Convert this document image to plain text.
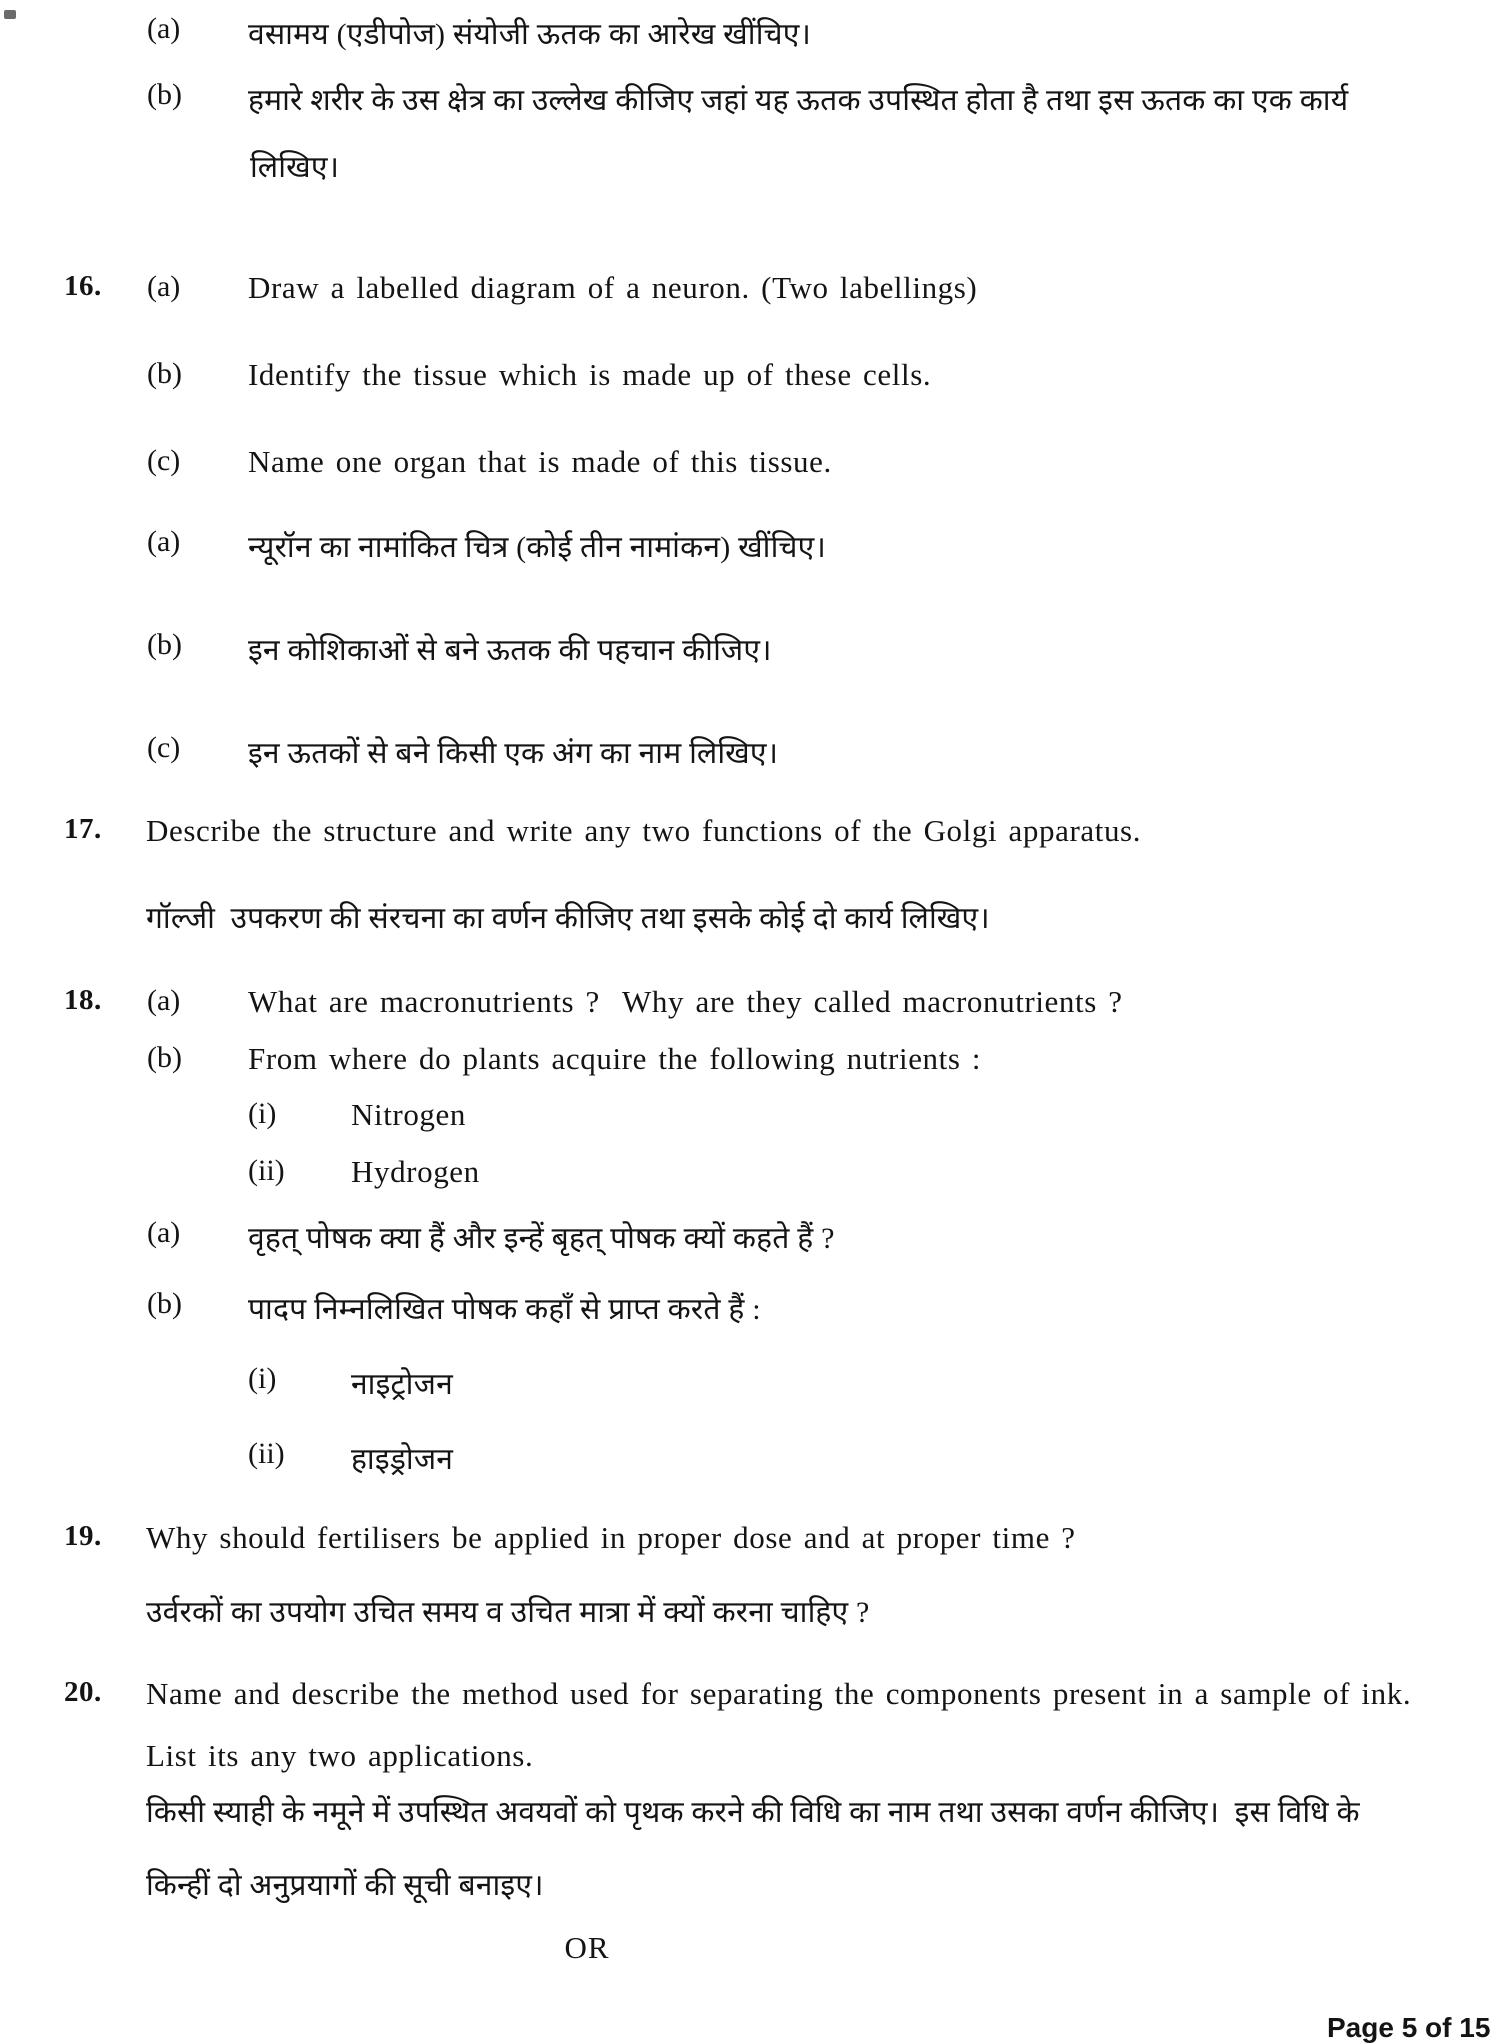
(a) वसामय (एडीपोज) संयोजी ऊतक का आरेख खींचिए।
(b) हमारे शरीर के उस क्षेत्र का उल्लेख कीजिए जहां यह ऊतक उपस्थित होता है तथा इस ऊतक का एक कार्य
लिखिए।
16. (a) Draw a labelled diagram of a neuron. (Two labellings)
(b) Identify the tissue which is made up of these cells.
(c) Name one organ that is made of this tissue.
(a) न्यूरॉन का नामांकित चित्र (कोई तीन नामांकन) खींचिए।
(b) इन कोशिकाओं से बने ऊतक की पहचान कीजिए।
(c) इन ऊतकों से बने किसी एक अंग का नाम लिखिए।
17. Describe the structure and write any two functions of the Golgi apparatus.
गॉल्जी  उपकरण की संरचना का वर्णन कीजिए तथा इसके कोई दो कार्य लिखिए।
18. (a) What are macronutrients ?  Why are they called macronutrients ?
(b) From where do plants acquire the following nutrients :
(i) Nitrogen
(ii) Hydrogen
(a) वृहत् पोषक क्या हैं और इन्हें बृहत् पोषक क्यों कहते हैं ?
(b) पादप निम्नलिखित पोषक कहाँ से प्राप्त करते हैं :
(i) नाइट्रोजन
(ii) हाइड्रोजन
19. Why should fertilisers be applied in proper dose and at proper time ?
उर्वरकों का उपयोग उचित समय व उचित मात्रा में क्यों करना चाहिए ?
20. Name and describe the method used for separating the components present in a sample of ink.
List its any two applications.
किसी स्याही के नमूने में उपस्थित अवयवों को पृथक करने की विधि का नाम तथा उसका वर्णन कीजिए।  इस विधि के
किन्हीं दो अनुप्रयागों की सूची बनाइए।
OR
Page 5 of 15
